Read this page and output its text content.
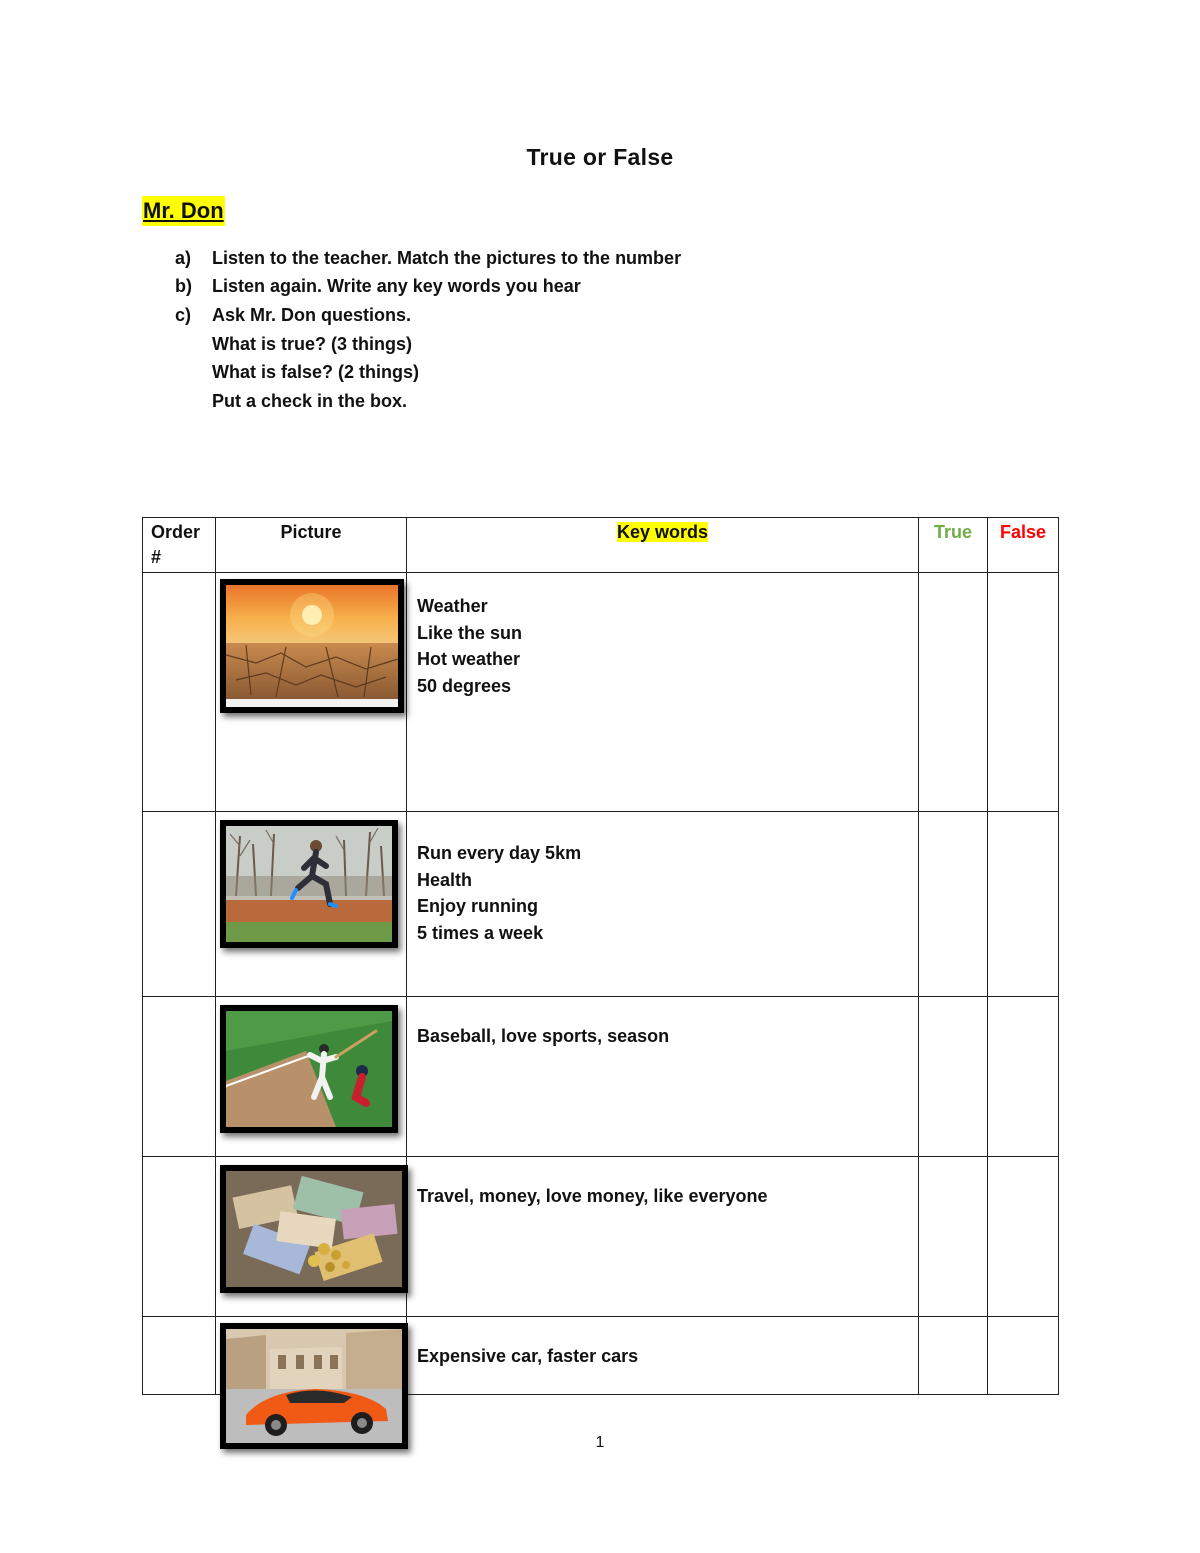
True or False
Mr. Don
a)	Listen to the teacher. Match the pictures to the number
b)	Listen again. Write any key words you hear
c)	Ask Mr. Don questions.
What is true? (3 things)
What is false? (2 things)
Put a check in the box.
Order #	Picture	Key words	True	False

Weather
Like the sun
Hot weather
50 degrees		

Run every day 5km
Health
Enjoy running
5 times a week		

Baseball, love sports, season		

Travel, money, love money, like everyone		

Expensive car, faster cars		

1
